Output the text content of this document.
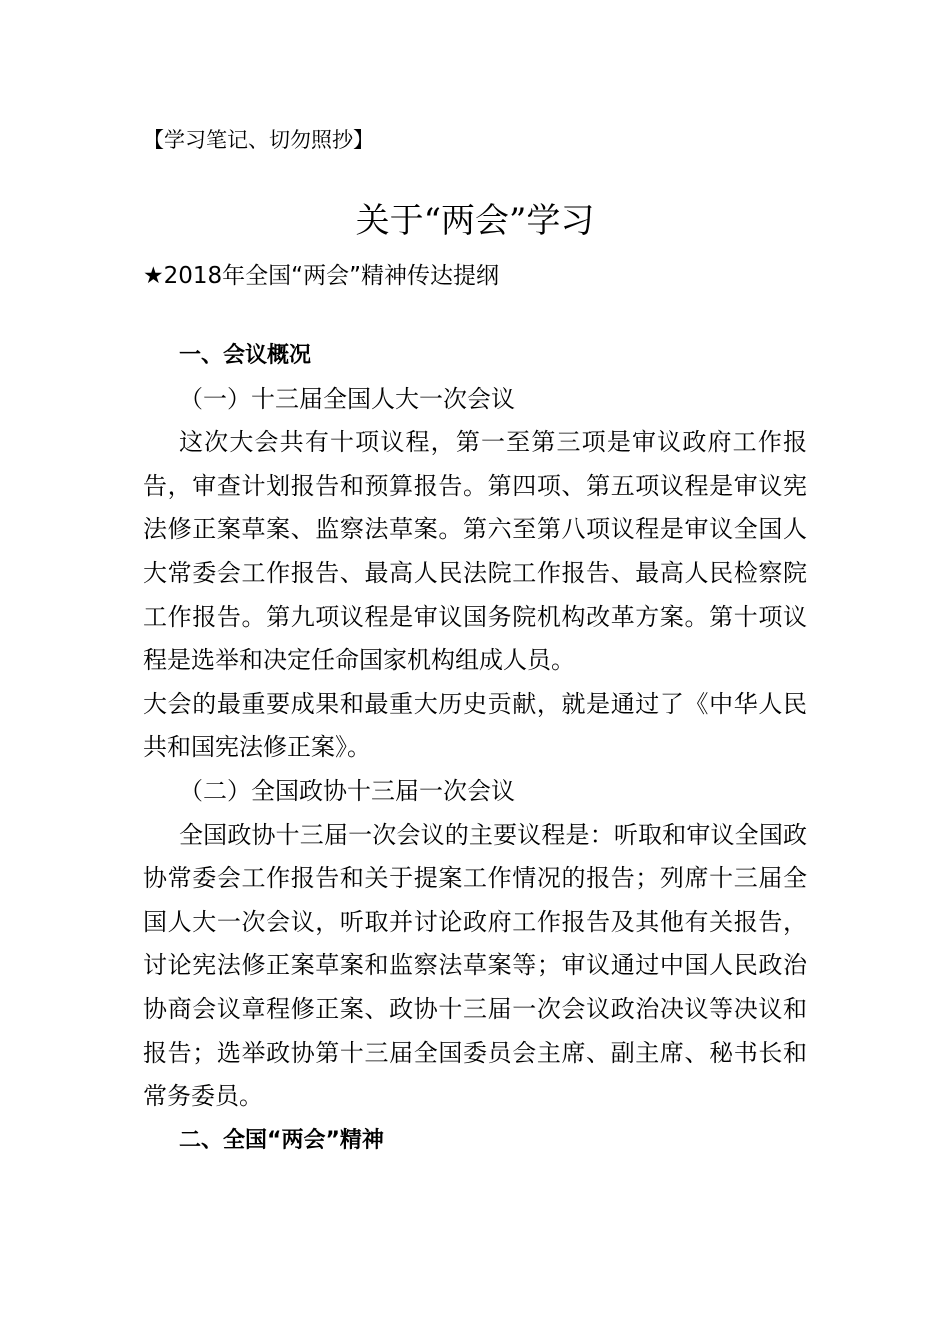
【学习笔记、切勿照抄】
关于“两会”学习
★2018年全国“两会”精神传达提纲

一、会议概况

（一）十三届全国人大一次会议

这次大会共有十项议程，第一至第三项是审议政府工作报告，审查计划报告和预算报告。第四项、第五项议程是审议宪法修正案草案、监察法草案。第六至第八项议程是审议全国人大常委会工作报告、最高人民法院工作报告、最高人民检察院工作报告。第九项议程是审议国务院机构改革方案。第十项议程是选举和决定任命国家机构组成人员。

大会的最重要成果和最重大历史贡献，就是通过了《中华人民共和国宪法修正案》。

（二）全国政协十三届一次会议

全国政协十三届一次会议的主要议程是：听取和审议全国政协常委会工作报告和关于提案工作情况的报告；列席十三届全国人大一次会议，听取并讨论政府工作报告及其他有关报告，讨论宪法修正案草案和监察法草案等；审议通过中国人民政治协商会议章程修正案、政协十三届一次会议政治决议等决议和报告；选举政协第十三届全国委员会主席、副主席、秘书长和常务委员。

二、全国“两会”精神
